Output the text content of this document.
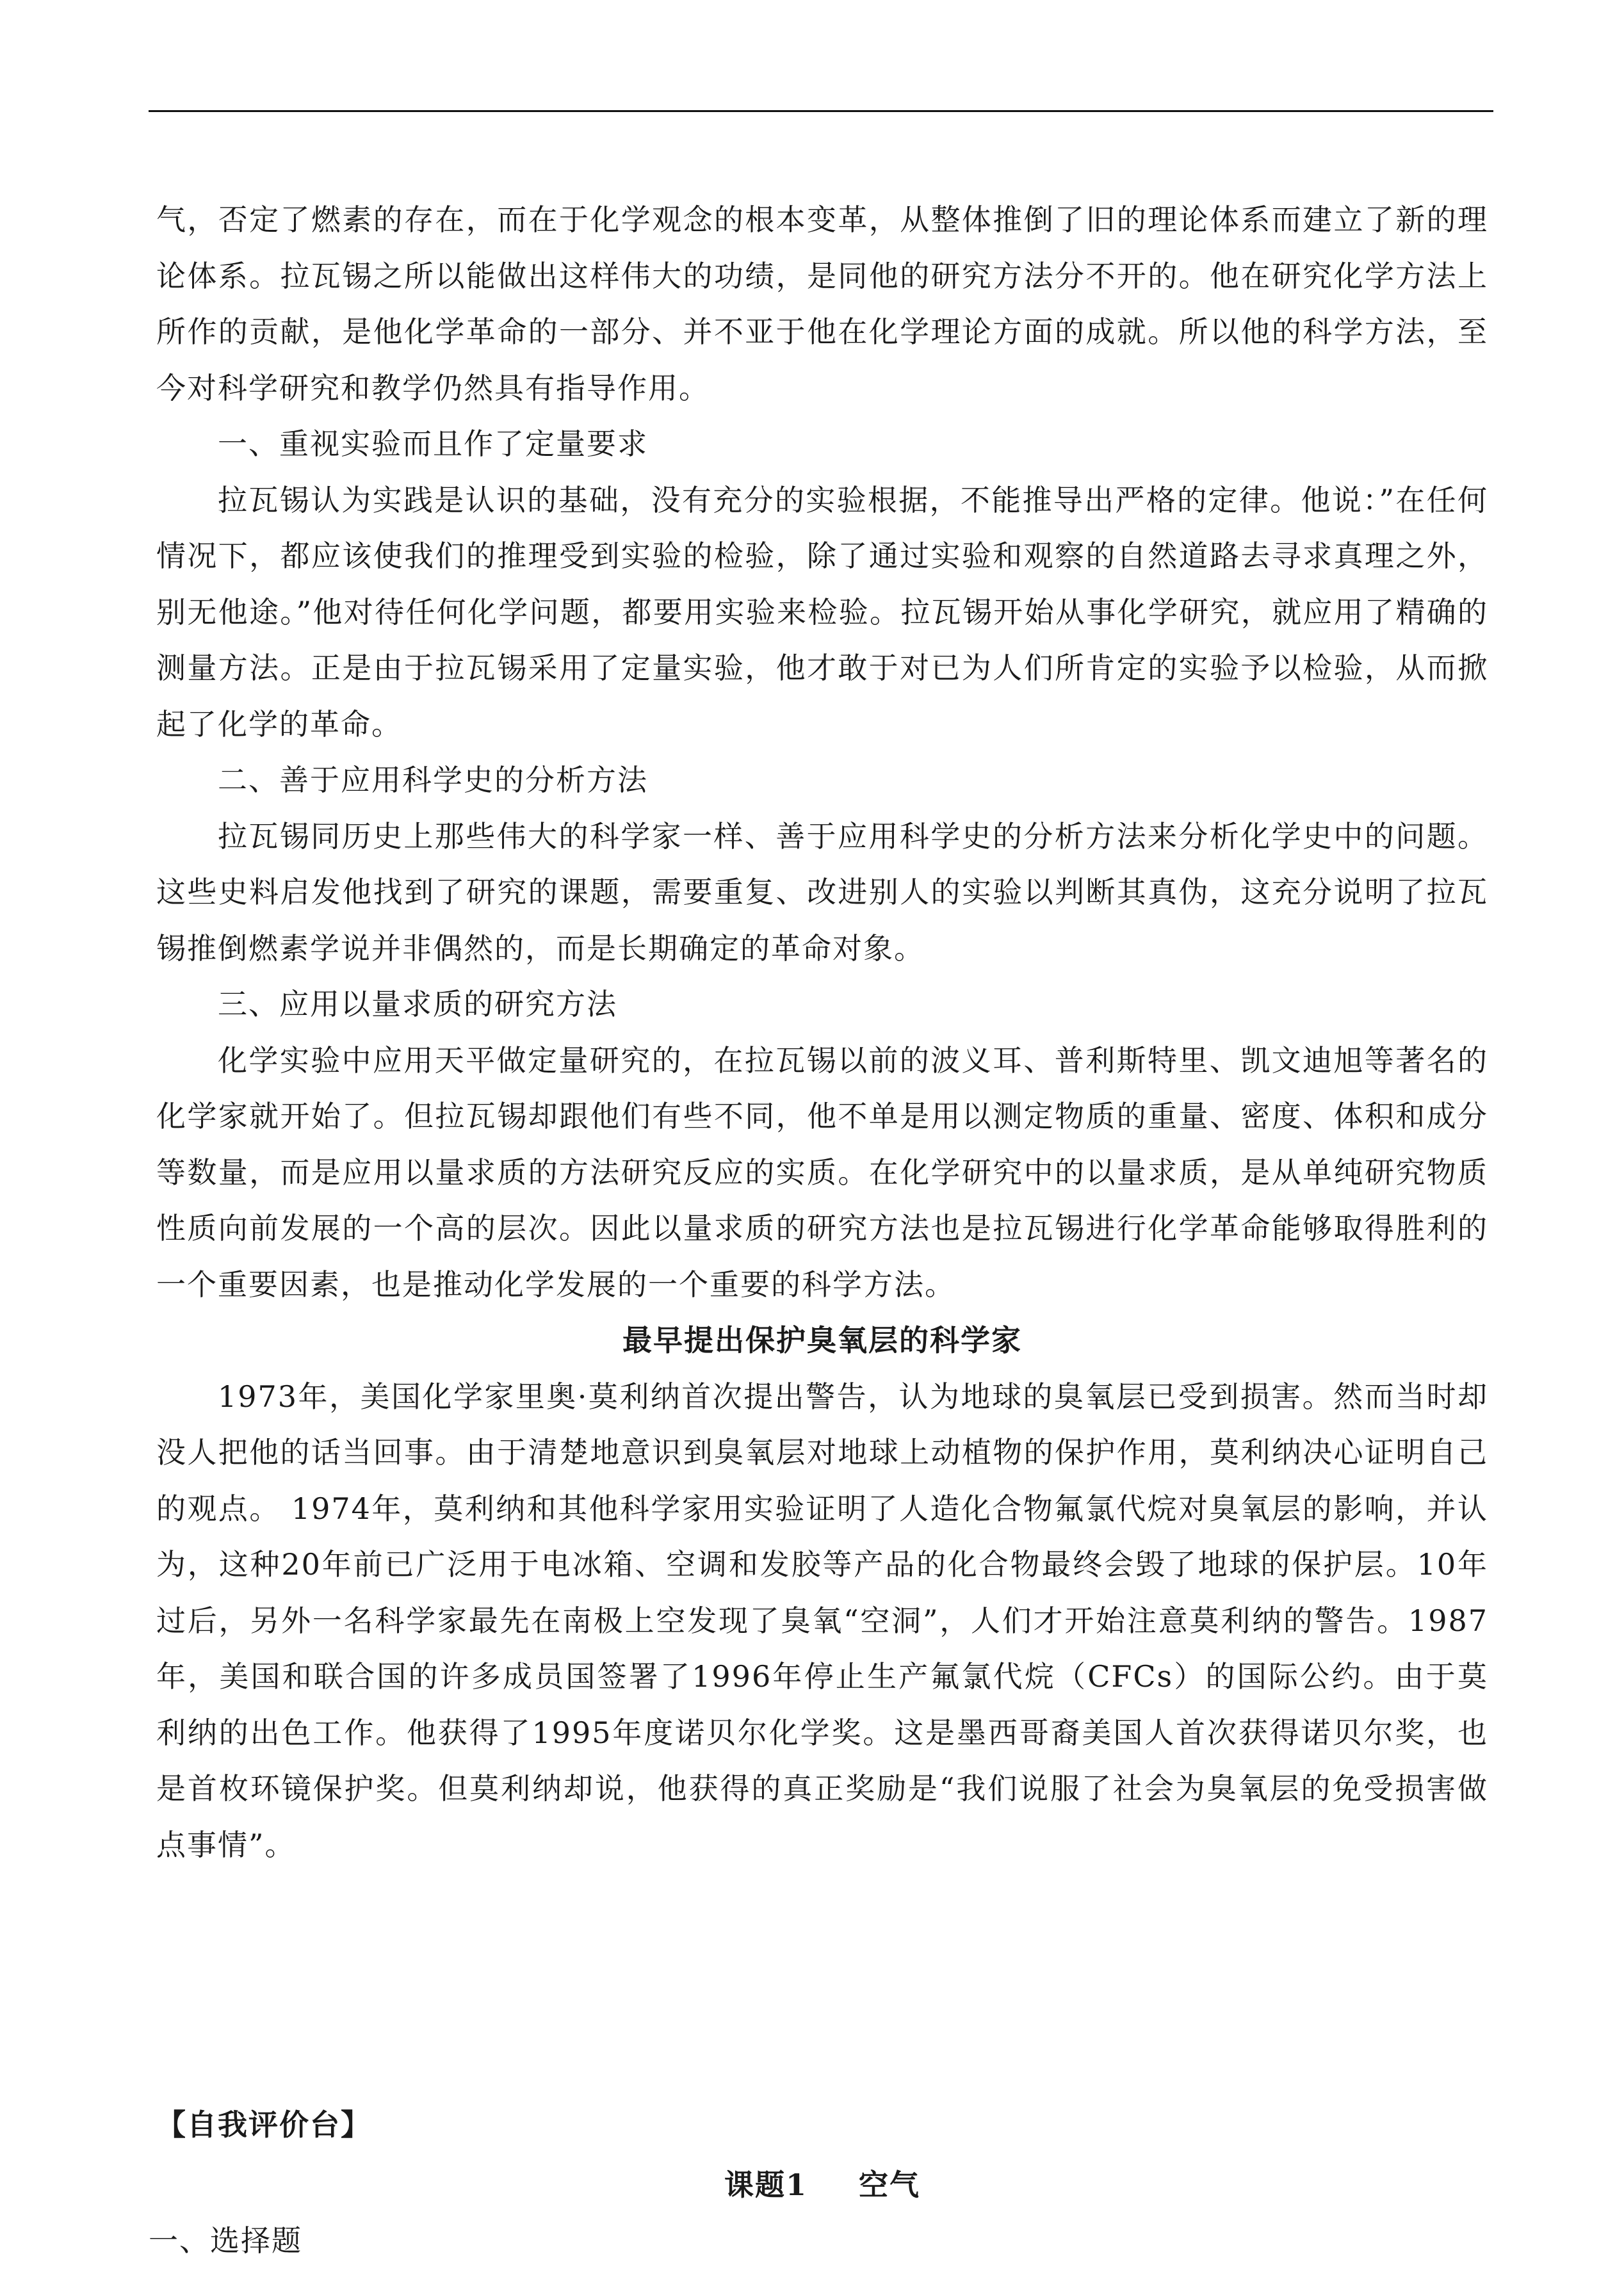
气，否定了燃素的存在，而在于化学观念的根本变革，从整体推倒了旧的理论体系而建立了新的理论体系。拉瓦锡之所以能做出这样伟大的功绩，是同他的研究方法分不开的。他在研究化学方法上所作的贡献，是他化学革命的一部分、并不亚于他在化学理论方面的成就。所以他的科学方法，至今对科学研究和教学仍然具有指导作用。

一、重视实验而且作了定量要求

拉瓦锡认为实践是认识的基础，没有充分的实验根据，不能推导出严格的定律。他说：”在任何情况下，都应该使我们的推理受到实验的检验，除了通过实验和观察的自然道路去寻求真理之外，别无他途。”他对待任何化学问题，都要用实验来检验。拉瓦锡开始从事化学研究，就应用了精确的测量方法。正是由于拉瓦锡采用了定量实验，他才敢于对已为人们所肯定的实验予以检验，从而掀起了化学的革命。

二、善于应用科学史的分析方法

拉瓦锡同历史上那些伟大的科学家一样、善于应用科学史的分析方法来分析化学史中的问题。这些史料启发他找到了研究的课题，需要重复、改进别人的实验以判断其真伪，这充分说明了拉瓦锡推倒燃素学说并非偶然的，而是长期确定的革命对象。

三、应用以量求质的研究方法

化学实验中应用天平做定量研究的，在拉瓦锡以前的波义耳、普利斯特里、凯文迪旭等著名的化学家就开始了。但拉瓦锡却跟他们有些不同，他不单是用以测定物质的重量、密度、体积和成分等数量，而是应用以量求质的方法研究反应的实质。在化学研究中的以量求质，是从单纯研究物质性质向前发展的一个高的层次。因此以量求质的研究方法也是拉瓦锡进行化学革命能够取得胜利的一个重要因素，也是推动化学发展的一个重要的科学方法。

最早提出保护臭氧层的科学家

1973年，美国化学家里奥·莫利纳首次提出警告，认为地球的臭氧层已受到损害。然而当时却没人把他的话当回事。由于清楚地意识到臭氧层对地球上动植物的保护作用，莫利纳决心证明自己的观点。 1974年，莫利纳和其他科学家用实验证明了人造化合物氟氯代烷对臭氧层的影响，并认为，这种20年前已广泛用于电冰箱、空调和发胶等产品的化合物最终会毁了地球的保护层。10年过后，另外一名科学家最先在南极上空发现了臭氧“空洞”，人们才开始注意莫利纳的警告。1987年，美国和联合国的许多成员国签署了1996年停止生产氟氯代烷（CFCs）的国际公约。由于莫利纳的出色工作。他获得了1995年度诺贝尔化学奖。这是墨西哥裔美国人首次获得诺贝尔奖，也是首枚环镜保护奖。但莫利纳却说，他获得的真正奖励是“我们说服了社会为臭氧层的免受损害做点事情”。

【自我评价台】

课题1 空气

一、选择题
